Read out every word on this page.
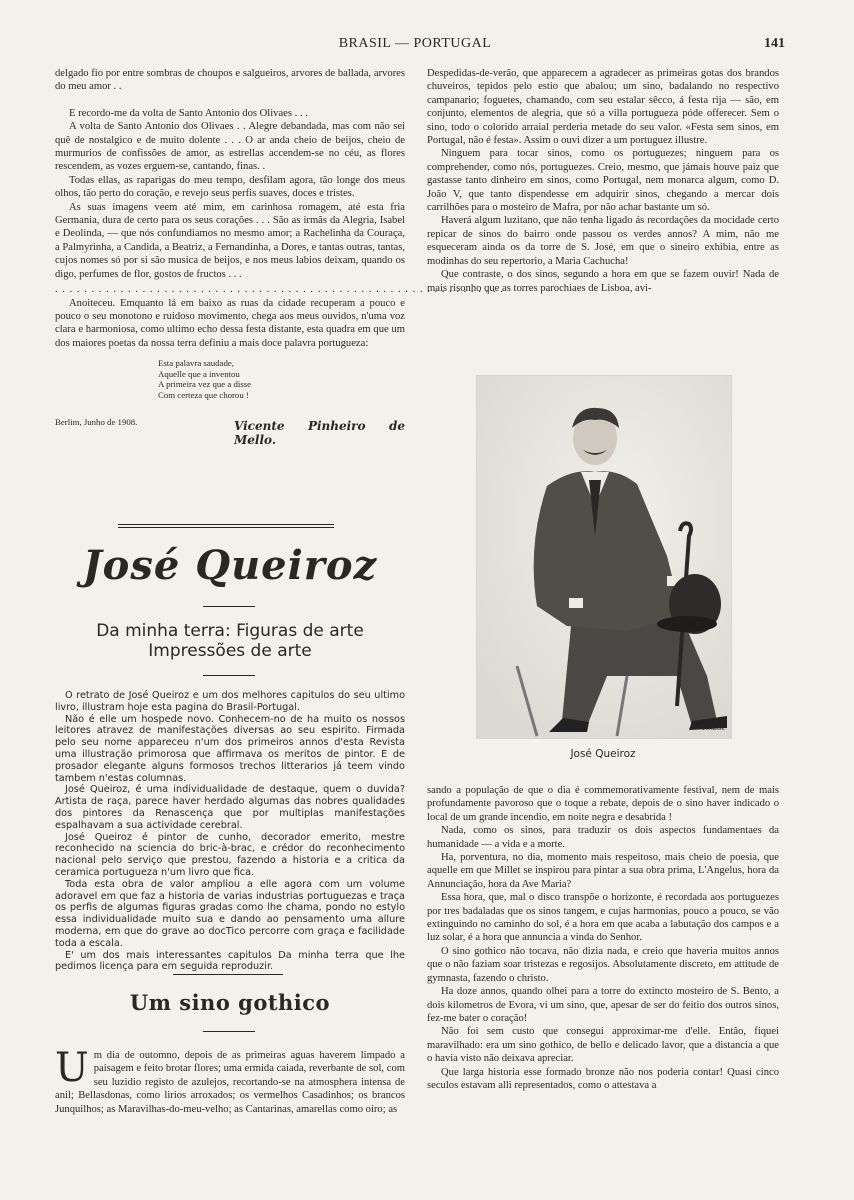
BRASIL — PORTUGAL	141

delgado fio por entre sombras de choupos e salgueiros, arvores de ballada, arvores do meu amor . .

E recordo-me da volta de Santo Antonio dos Olivaes . . .

A volta de Santo Antonio dos Olivaes . . Alegre debandada, mas com não sei quê de nostalgico e de muito dolente . . . O ar anda cheio de beijos, cheio de murmurios de confissões de amor, as estrellas accendem-se no céu, as flores rescendem, as vozes erguem-se, cantando, finas. .

Todas ellas, as raparigas do meu tempo, desfilam agora, tão longe dos meus olhos, tão perto do coração, e revejo seus perfis suaves, doces e tristes.

As suas imagens veem até mim, em carinhosa romagem, até esta fria Germania, dura de certo para os seus corações . . . São as irmãs da Alegria, Isabel e Deolinda, — que nós confundiamos no mesmo amor; a Rachelinha da Couraça, a Palmyrinha, a Candida, a Beatriz, a Fernandinha, a Dores, e tantas outras, tantas, cujos nomes só por si são musica de beijos, e nos meus labios deixam, quando os digo, perfumes de flor, gostos de fructos . . .

. . . . . . . . . . . . . . . . . . . . . . . . . . . . . . . . . . . . . . . . . . . . . . . . . . . . . . . . . . . . . .

Anoiteceu. Emquanto lá em baixo as ruas da cidade recuperam a pouco e pouco o seu monotono e ruidoso movimento, chega aos meus ouvidos, n'uma voz clara e harmoniosa, como ultimo echo dessa festa distante, esta quadra em que um dos maiores poetas da nossa terra definiu a mais doce palavra portugueza:

Esta palavra saudade,
Aquelle que a inventou
A primeira vez que a disse
Com certeza que chorou !
Berlim, Junho de 1908.	Vicente Pinheiro de Mello.
José Queiroz
Da minha terra: Figuras de arte
Impressões de arte

O retrato de José Queiroz e um dos melhores capitulos do seu ultimo livro, illustram hoje esta pagina do Brasil-Portugal.

Não é elle um hospede novo. Conhecem-no de ha muito os nossos leitores atravez de manifestações diversas ao seu espirito. Firmada pelo seu nome appareceu n'um dos primeiros annos d'esta Revista uma illustração primorosa que affirmava os meritos de pintor. E de prosador elegante alguns formosos trechos litterarios já teem vindo tambem n'estas columnas.

José Queiroz, é uma individualidade de destaque, quem o duvida? Artista de raça, parece haver herdado algumas das nobres qualidades dos pintores da Renascença que por multiplas manifestações espalhavam a sua actividade cerebral.

José Queiroz é pintor de cunho, decorador emerito, mestre reconhecido na sciencia do bric-à-brac, e crédor do reconhecimento nacional pelo serviço que prestou, fazendo a historia e a critica da ceramica portugueza n'um livro que fica.

Toda esta obra de valor ampliou a elle agora com um volume adoravel em que faz a historia de varias industrias portuguezas e traça os perfis de algumas figuras gradas como lhe chama, pondo no estylo essa individualidade muito sua e dando ao pensamento uma allure moderna, em que do grave ao docTico percorre com graça e facilidade toda a escala.

E' um dos mais interessantes capitulos Da minha terra que lhe pedimos licença para em seguida reproduzir.

Um sino gothico
U m dia de outomno, depois de as primeiras aguas haverem limpado a paisagem e feito brotar flores; uma ermida caiada, reverbante de sol, com seu luzidio registo de azulejos, recortando-se na atmosphera intensa de anil; Bellasdonas, como lirios arroxados; os vermelhos Casadinhos; os brancos Junquilhos; as Maravilhas-do-meu-velho; as Cantarinas, amarellas como oiro; as

Despedidas-de-verão, que apparecem a agradecer as primeiras gotas dos brandos chuveiros, tepidos pelo estio que abalou; um sino, badalando no respectivo campanario; foguetes, chamando, com seu estalar sêcco, á festa rija — são, em conjunto, elementos de alegria, que só a villa portugueza póde offerecer. Sem o sino, todo o colorido arraial perderia metade do seu valor. «Festa sem sinos, em Portugal, não é festa». Assim o ouvi dizer a um portuguez illustre.

Ninguem para tocar sinos, como os portuguezes; ninguem para os comprehender, como nós, portuguezes. Creio, mesmo, que jámais houve paiz que gastasse tanto dinheiro em sinos, como Portugal, nem monarca algum, como D. João V, que tanto dispendesse em adquirir sinos, chegando a mercar dois carrilhões para o mosteiro de Mafra, por não achar bastante um só.

Haverá algum luzitano, que não tenha ligado ás recordações da mocidade certo repicar de sinos do bairro onde passou os verdes annos? A mim, não me esqueceram ainda os da torre de S. José, em que o sineiro exhibia, entre as modinhas do seu repertorio, a Maria Cachucha!

Que contraste, o dos sinos, segundo a hora em que se fazem ouvir! Nada de mais risonho que as torres parochiaes de Lisboa, avi-

P.M.Sc
José Queiroz

sando a população de que o dia é commemorativamente festival, nem de mais profundamente pavoroso que o toque a rebate, depois de o sino haver indicado o local de um grande incendio, em noite negra e desabrida !

Nada, como os sinos, para traduzir os dois aspectos fundamentaes da humanidade — a vida e a morte.

Ha, porventura, no dia, momento mais respeitoso, mais cheio de poesia, que aquelle em que Millet se inspirou para pintar a sua obra prima, L'Angelus, hora da Annunciação, hora da Ave Maria?

Essa hora, que, mal o disco transpõe o horizonte, é recordada aos portuguezes por tres badaladas que os sinos tangem, e cujas harmonias, pouco a pouco, se vão extinguindo no caminho do sol, é a hora em que acaba a labutação dos campos e a luz solar, é a hora que annuncia a vinda do Senhor.

O sino gothico não tocava, não dizia nada, e creio que haveria muitos annos que o não faziam soar tristezas e regosijos. Absolutamente discreto, em attitude de gymnasta, fazendo o christo.

Ha doze annos, quando olhei para a torre do extincto mosteiro de S. Bento, a dois kilometros de Evora, vi um sino, que, apesar de ser do feitio dos outros sinos, fez-me bater o coração!

Não foi sem custo que consegui approximar-me d'elle. Então, fiquei maravilhado: era um sino gothico, de bello e delicado lavor, que a distancia a que o havia visto não deixava apreciar.

Que larga historia esse formado bronze não nos poderia contar! Quasi cinco seculos estavam alli representados, como o attestava a
